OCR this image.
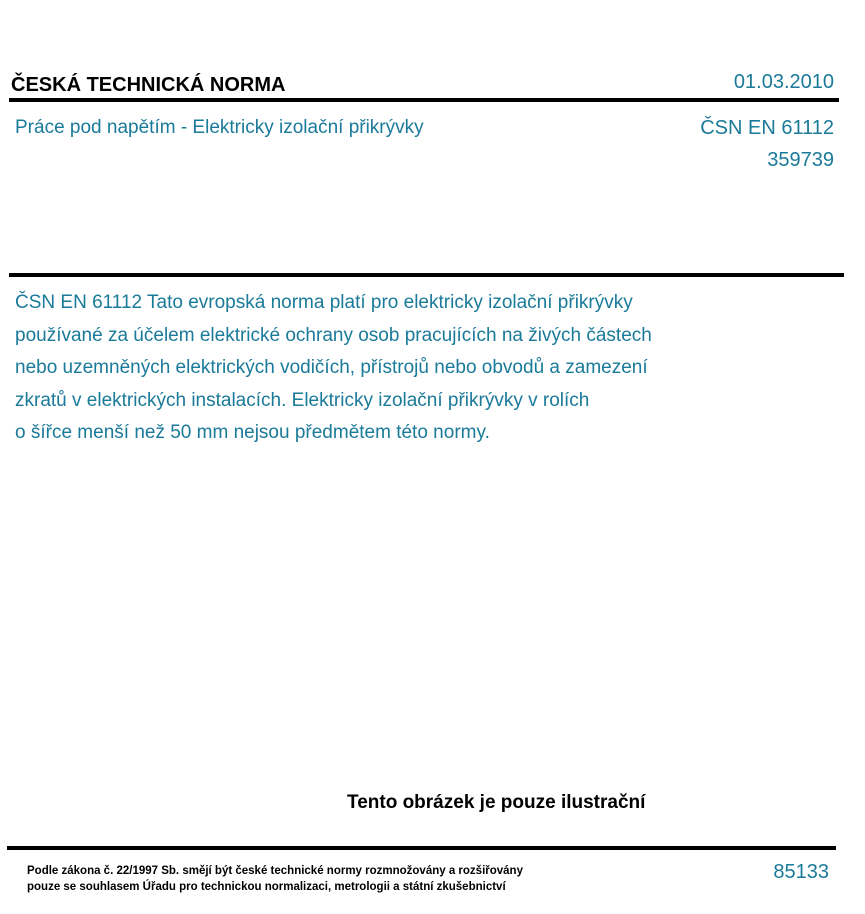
ČESKÁ TECHNICKÁ NORMA	01.03.2010
Práce pod napětím - Elektricky izolační přikrývky	ČSN EN 61112
359739

ČSN EN 61112 Tato evropská norma platí pro elektricky izolační přikrývky
používané za účelem elektrické ochrany osob pracujících na živých částech
nebo uzemněných elektrických vodičích, přístrojů nebo obvodů a zamezení
zkratů v elektrických instalacích. Elektricky izolační přikrývky v rolích
o šířce menší než 50 mm nejsou předmětem této normy.

Tento obrázek je pouze ilustrační
Podle zákona č. 22/1997 Sb. smějí být české technické normy rozmnožovány a rozšiřovány
pouze se souhlasem Úřadu pro technickou normalizaci, metrologii a státní zkušebnictví
85133
